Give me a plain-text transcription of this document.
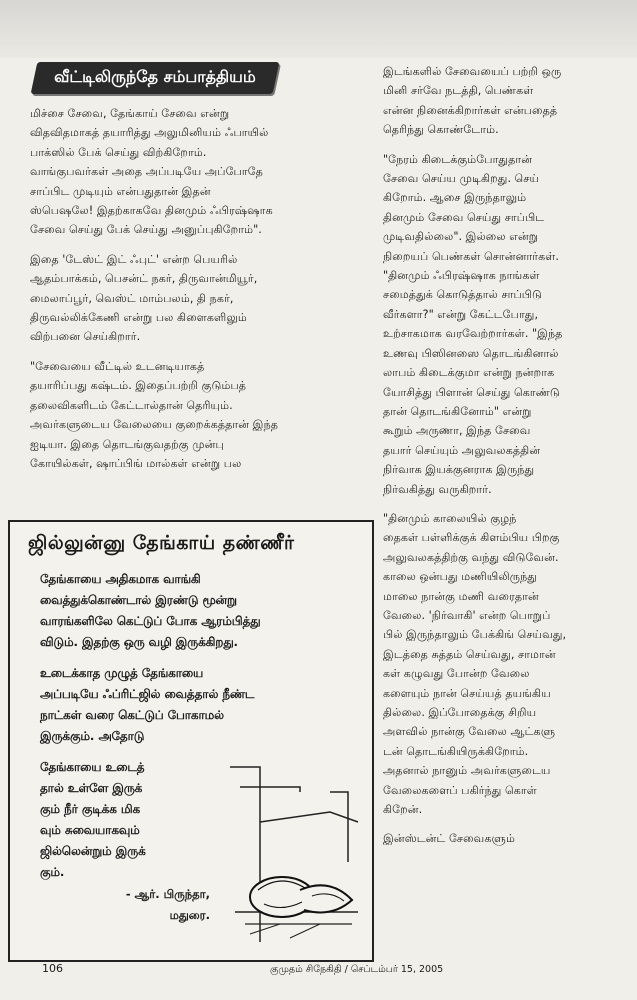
வீட்டிலிருந்தே சம்பாத்தியம்

மிச்சை சேவை, தேங்காய் சேவை என்று
விதவிதமாகத் தயாரித்து அலுமினியம் ஃபாயில்
பாக்ஸில் பேக் செய்து விற்கிறோம்.
வாங்குபவர்கள் அதை அப்படியே அப்போதே
சாப்பிட முடியும் என்பதுதான் இதன்
ஸ்பெஷலே! இதற்காகவே தினமும் ஃபிரஷ்ஷாக
சேவை செய்து பேக் செய்து அனுப்புகிறோம்".

இதை 'டேஸ்ட் இட் ஃபுட்' என்ற பெயரில்
ஆதம்பாக்கம், பெசன்ட் நகர், திருவான்மியூர்,
மைலாப்பூர், வெஸ்ட் மாம்பலம், தி நகர்,
திருவல்லிக்கேணி என்று பல கிளைகளிலும்
விற்பனை செய்கிறார்.

"சேவையை வீட்டில் உடனடியாகத்
தயாரிப்பது கஷ்டம். இதைப்பற்றி குடும்பத்
தலைவிகளிடம் கேட்டால்தான் தெரியும்.
அவர்களுடைய வேலையை குறைக்கத்தான் இந்த
ஐடியா. இதை தொடங்குவதற்கு முன்பு
கோயில்கள், ஷாப்பிங் மால்கள் என்று பல

இடங்களில் சேவையைப் பற்றி ஒரு
மினி சர்வே நடத்தி, பெண்கள்
என்ன நினைக்கிறார்கள் என்பதைத்
தெரிந்து கொண்டோம்.

"நேரம் கிடைக்கும்போதுதான்
சேவை செய்ய முடிகிறது. செய்
கிறோம். ஆசை இருந்தாலும்
தினமும் சேவை செய்து சாப்பிட
முடிவதில்லை". இல்லை என்று
நிறையப் பெண்கள் சொன்னார்கள்.
"தினமும் ஃபிரஷ்ஷாக நாங்கள்
சமைத்துக் கொடுத்தால் சாப்பிடு
வீர்களா?" என்று கேட்டபோது,
உற்சாகமாக வரவேற்றார்கள். "இந்த
உணவு பிஸினஸை தொடங்கினால்
லாபம் கிடைக்குமா என்று நன்றாக
யோசித்து பிளான் செய்து கொண்டு
தான் தொடங்கினோம்" என்று
கூறும் அருணா, இந்த சேவை
தயார் செய்யும் அலுவலகத்தின்
நிர்வாக இயக்குனராக இருந்து
நிர்வகித்து வருகிறார்.

"தினமும் காலையில் குழந்
தைகள் பள்ளிக்குக் கிளம்பிய பிறகு
அலுவலகத்திற்கு வந்து விடுவேன்.
காலை ஒன்பது மணியிலிருந்து
மாலை நான்கு மணி வரைதான்
வேலை. 'நிர்வாகி' என்ற பொறுப்
பில் இருந்தாலும் பேக்கிங் செய்வது,
இடத்தை சுத்தம் செய்வது, சாமான்
கள் கழுவது போன்ற வேலை
களையும் நான் செய்யத் தயங்கிய
தில்லை. இப்போதைக்கு சிறிய
அளவில் நான்கு வேலை ஆட்களு
டன் தொடங்கியிருக்கிறோம்.
அதனால் நானும் அவர்களுடைய
வேலைகளைப் பகிர்ந்து கொள்
கிறேன்.

இன்ஸ்டன்ட் சேவைகளும்

ஜில்லுன்னு தேங்காய் தண்ணீர்

தேங்காயை அதிகமாக வாங்கி
வைத்துக்கொண்டால் இரண்டு மூன்று
வாரங்களிலே கெட்டுப் போக ஆரம்பித்து
விடும். இதற்கு ஒரு வழி இருக்கிறது.

உடைக்காத முழுத் தேங்காயை
அப்படியே ஃப்ரிட்ஜில் வைத்தால் நீண்ட
நாட்கள் வரை கெட்டுப் போகாமல்
இருக்கும். அதோடு

தேங்காயை உடைத்
தால் உள்ளே இருக்
கும் நீர் குடிக்க மிக
வும் சுவையாகவும்
ஜில்லென்றும் இருக்
கும்.

- ஆர். பிருந்தா,
மதுரை.
106	குமுதம் சிநேகிதி / செப்டம்பர் 15, 2005
